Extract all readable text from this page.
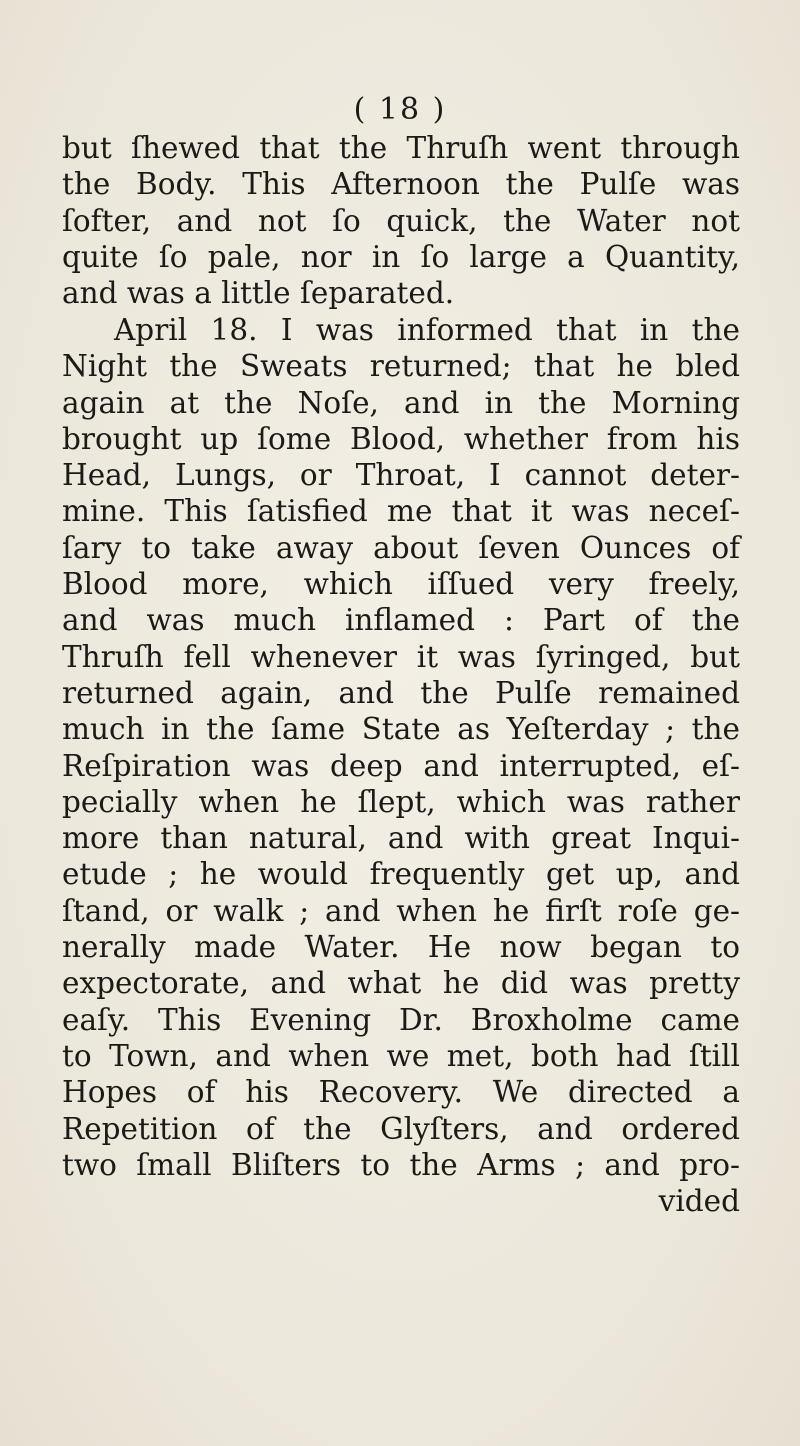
( 18 )
but ſhewed that the Thruſh went through
the Body. This Afternoon the Pulſe was
ſofter, and not ſo quick, the Water not
quite ſo pale, nor in ſo large a Quantity,
and was a little ſeparated.
April 18. I was informed that in the
Night the Sweats returned; that he bled
again at the Noſe, and in the Morning
brought up ſome Blood, whether from his
Head, Lungs, or Throat, I cannot deter-
mine. This ſatisfied me that it was neceſ-
ſary to take away about ſeven Ounces of
Blood more, which iſſued very freely,
and was much inflamed : Part of the
Thruſh fell whenever it was ſyringed, but
returned again, and the Pulſe remained
much in the ſame State as Yeſterday ; the
Reſpiration was deep and interrupted, eſ-
pecially when he ſlept, which was rather
more than natural, and with great Inqui-
etude ; he would frequently get up, and
ſtand, or walk ; and when he firſt roſe ge-
nerally made Water. He now began to
expectorate, and what he did was pretty
eaſy. This Evening Dr. Broxholme came
to Town, and when we met, both had ſtill
Hopes of his Recovery. We directed a
Repetition of the Glyſters, and ordered
two ſmall Bliſters to the Arms ; and pro-
vided
